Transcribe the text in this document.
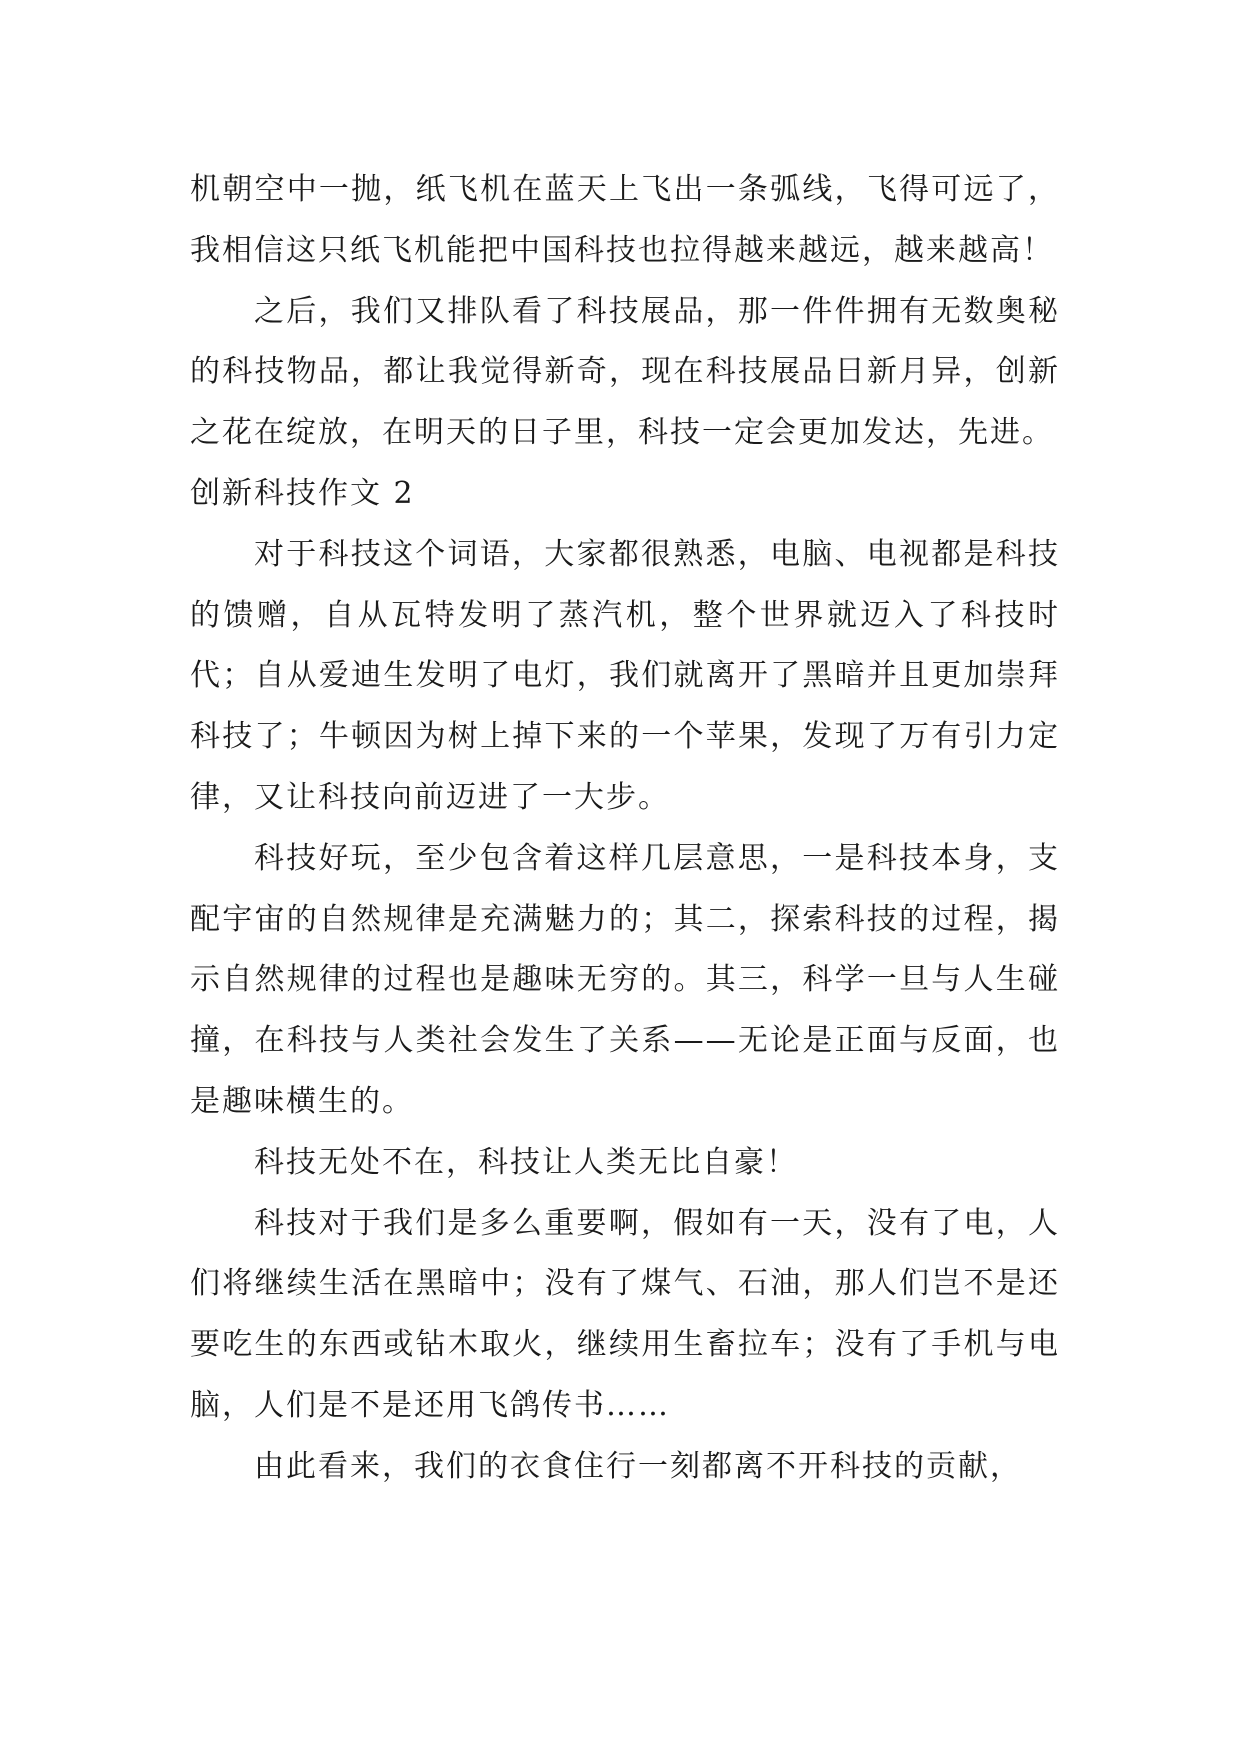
机朝空中一抛，纸飞机在蓝天上飞出一条弧线，飞得可远了，我相信这只纸飞机能把中国科技也拉得越来越远，越来越高！

之后，我们又排队看了科技展品，那一件件拥有无数奥秘的科技物品，都让我觉得新奇，现在科技展品日新月异，创新之花在绽放，在明天的日子里，科技一定会更加发达，先进。

创新科技作文 2

对于科技这个词语，大家都很熟悉，电脑、电视都是科技的馈赠，自从瓦特发明了蒸汽机，整个世界就迈入了科技时代；自从爱迪生发明了电灯，我们就离开了黑暗并且更加崇拜科技了；牛顿因为树上掉下来的一个苹果，发现了万有引力定律，又让科技向前迈进了一大步。

科技好玩，至少包含着这样几层意思，一是科技本身，支配宇宙的自然规律是充满魅力的；其二，探索科技的过程，揭示自然规律的过程也是趣味无穷的。其三，科学一旦与人生碰撞，在科技与人类社会发生了关系——无论是正面与反面，也是趣味横生的。

科技无处不在，科技让人类无比自豪！

科技对于我们是多么重要啊，假如有一天，没有了电，人们将继续生活在黑暗中；没有了煤气、石油，那人们岂不是还要吃生的东西或钻木取火，继续用生畜拉车；没有了手机与电脑，人们是不是还用飞鸽传书……

由此看来，我们的衣食住行一刻都离不开科技的贡献，
